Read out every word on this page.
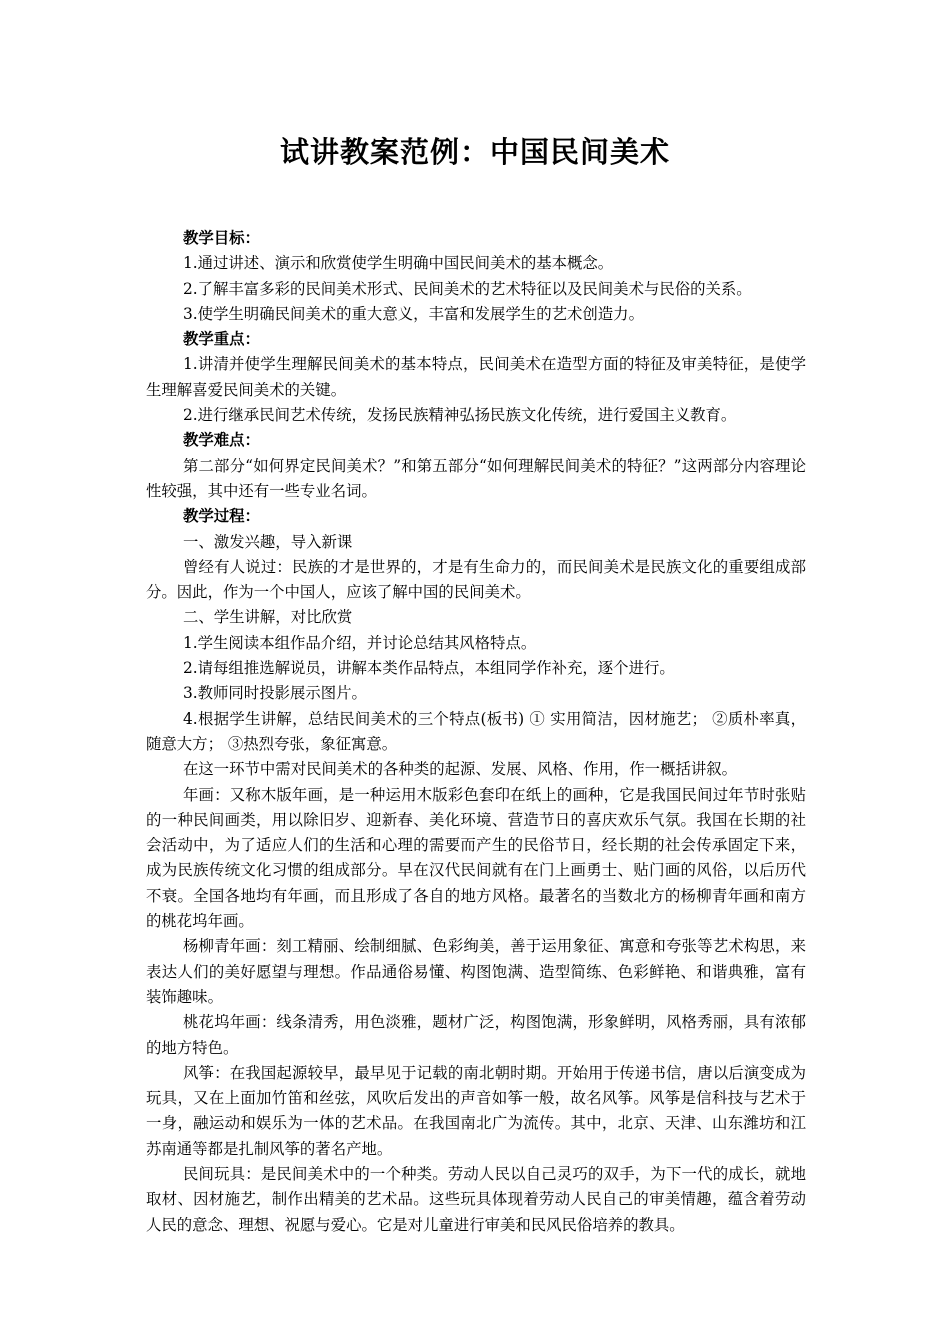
试讲教案范例：中国民间美术

教学目标：

1.通过讲述、演示和欣赏使学生明确中国民间美术的基本概念。

2.了解丰富多彩的民间美术形式、民间美术的艺术特征以及民间美术与民俗的关系。

3.使学生明确民间美术的重大意义，丰富和发展学生的艺术创造力。

教学重点：

1.讲清并使学生理解民间美术的基本特点，民间美术在造型方面的特征及审美特征，是使学生理解喜爱民间美术的关键。

2.进行继承民间艺术传统，发扬民族精神弘扬民族文化传统，进行爱国主义教育。

教学难点：

第二部分“如何界定民间美术？”和第五部分“如何理解民间美术的特征？”这两部分内容理论性较强，其中还有一些专业名词。

教学过程：

一、激发兴趣，导入新课

曾经有人说过：民族的才是世界的，才是有生命力的，而民间美术是民族文化的重要组成部分。因此，作为一个中国人，应该了解中国的民间美术。

二、学生讲解，对比欣赏

1.学生阅读本组作品介绍，并讨论总结其风格特点。

2.请每组推选解说员，讲解本类作品特点，本组同学作补充，逐个进行。

3.教师同时投影展示图片。

4.根据学生讲解，总结民间美术的三个特点(板书) ① 实用简洁，因材施艺； ②质朴率真，随意大方； ③热烈夸张，象征寓意。

在这一环节中需对民间美术的各种类的起源、发展、风格、作用，作一概括讲叙。

年画：又称木版年画，是一种运用木版彩色套印在纸上的画种，它是我国民间过年节时张贴的一种民间画类，用以除旧岁、迎新春、美化环境、营造节日的喜庆欢乐气氛。我国在长期的社会活动中，为了适应人们的生活和心理的需要而产生的民俗节日，经长期的社会传承固定下来，成为民族传统文化习惯的组成部分。早在汉代民间就有在门上画勇士、贴门画的风俗，以后历代不衰。全国各地均有年画，而且形成了各自的地方风格。最著名的当数北方的杨柳青年画和南方的桃花坞年画。

杨柳青年画：刻工精丽、绘制细腻、色彩绚美，善于运用象征、寓意和夸张等艺术构思，来表达人们的美好愿望与理想。作品通俗易懂、构图饱满、造型简练、色彩鲜艳、和谐典雅，富有装饰趣味。

桃花坞年画：线条清秀，用色淡雅，题材广泛，构图饱满，形象鲜明，风格秀丽，具有浓郁的地方特色。

风筝：在我国起源较早，最早见于记载的南北朝时期。开始用于传递书信，唐以后演变成为玩具，又在上面加竹笛和丝弦，风吹后发出的声音如筝一般，故名风筝。风筝是信科技与艺术于一身，融运动和娱乐为一体的艺术品。在我国南北广为流传。其中，北京、天津、山东潍坊和江苏南通等都是扎制风筝的著名产地。

民间玩具：是民间美术中的一个种类。劳动人民以自己灵巧的双手，为下一代的成长，就地取材、因材施艺，制作出精美的艺术品。这些玩具体现着劳动人民自己的审美情趣，蕴含着劳动人民的意念、理想、祝愿与爱心。它是对儿童进行审美和民风民俗培养的教具。
